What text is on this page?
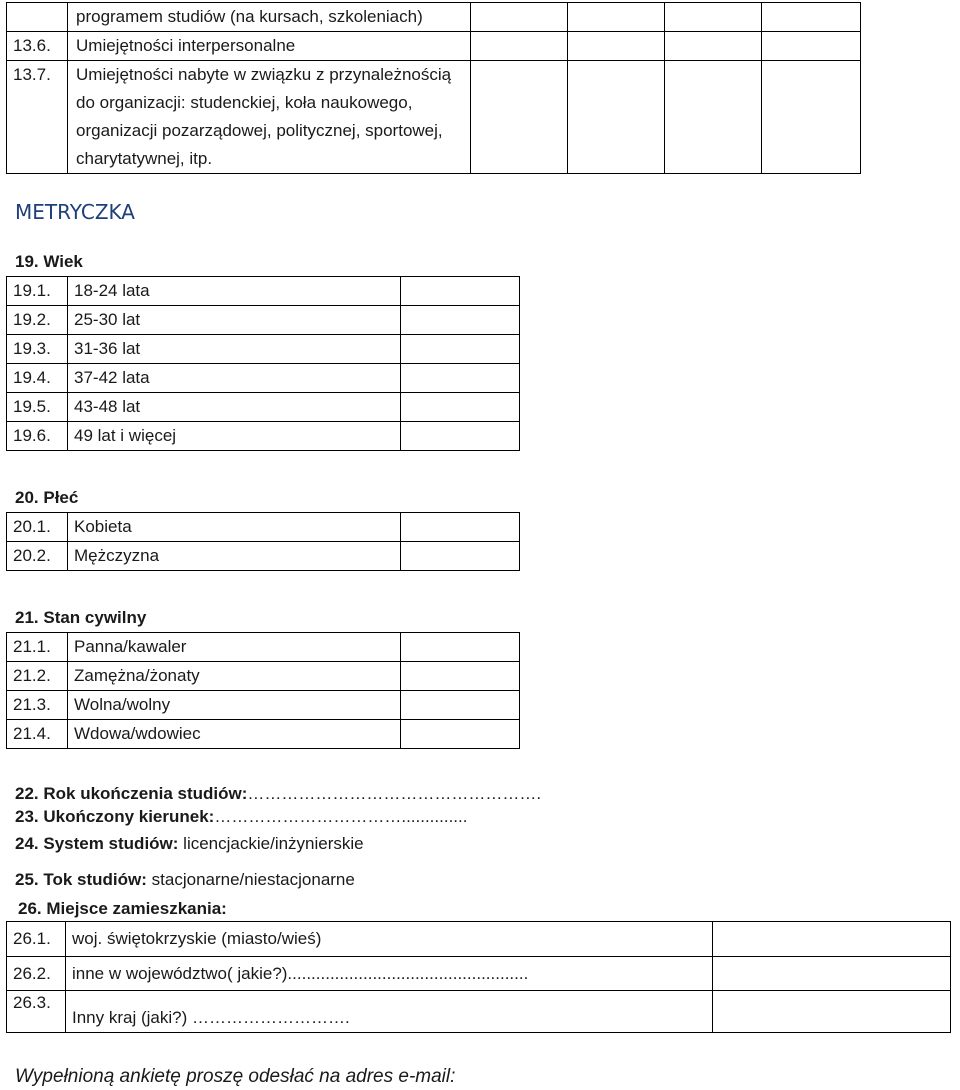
	programem studiów (na kursach, szkoleniach)				

13.6.	Umiejętności interpersonalne				

13.7.	Umiejętności nabyte w związku z przynależnością
do organizacji: studenckiej, koła naukowego,
organizacji pozarządowej, politycznej, sportowej,
charytatywnej, itp.				

METRYCZKA
19. Wiek
19.1.	18-24 lata	
19.2.	25-30 lat	
19.3.	31-36 lat	
19.4.	37-42 lata	
19.5.	43-48 lat	
19.6.	49 lat i więcej	
20. Płeć
20.1.	Kobieta	
20.2.	Mężczyzna	
21. Stan cywilny
21.1.	Panna/kawaler	
21.2.	Zamężna/żonaty	
21.3.	Wolna/wolny	
21.4.	Wdowa/wdowiec	
22. Rok ukończenia studiów:…………………………………………….
23. Ukończony kierunek:……………………………..............
24. System studiów: licencjackie/inżynierskie
25. Tok studiów: stacjonarne/niestacjonarne
26. Miejsce zamieszkania:
26.1.	woj. świętokrzyskie (miasto/wieś)	
26.2.	inne w województwo( jakie?)...................................................	
26.3.	Inny kraj (jaki?) ……………………….	
Wypełnioną ankietę proszę odesłać na adres e-mail:
